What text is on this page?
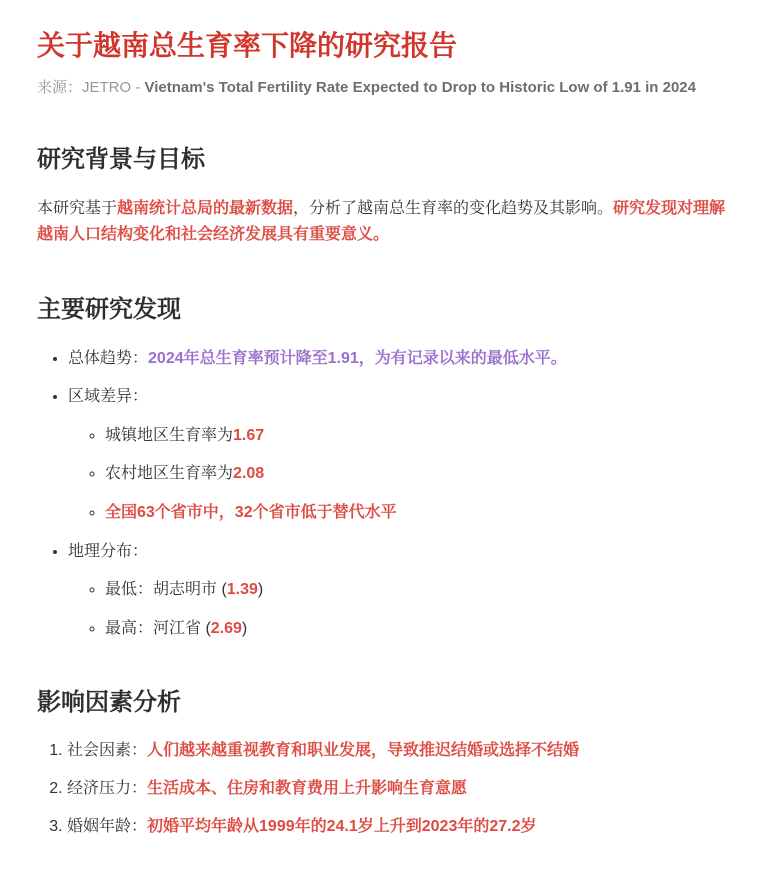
关于越南总生育率下降的研究报告

来源：JETRO - Vietnam's Total Fertility Rate Expected to Drop to Historic Low of 1.91 in 2024

研究背景与目标

本研究基于越南统计总局的最新数据，分析了越南总生育率的变化趋势及其影响。研究发现对理解越南人口结构变化和社会经济发展具有重要意义。

主要研究发现
• 总体趋势：2024年总生育率预计降至1.91，为有记录以来的最低水平。
• 区域差异：
◦ 城镇地区生育率为1.67
◦ 农村地区生育率为2.08
◦ 全国63个省市中，32个省市低于替代水平
• 地理分布：
◦ 最低：胡志明市 (1.39)
◦ 最高：河江省 (2.69)
影响因素分析
1. 社会因素：人们越来越重视教育和职业发展，导致推迟结婚或选择不结婚
2. 经济压力：生活成本、住房和教育费用上升影响生育意愿
3. 婚姻年龄：初婚平均年龄从1999年的24.1岁上升到2023年的27.2岁
